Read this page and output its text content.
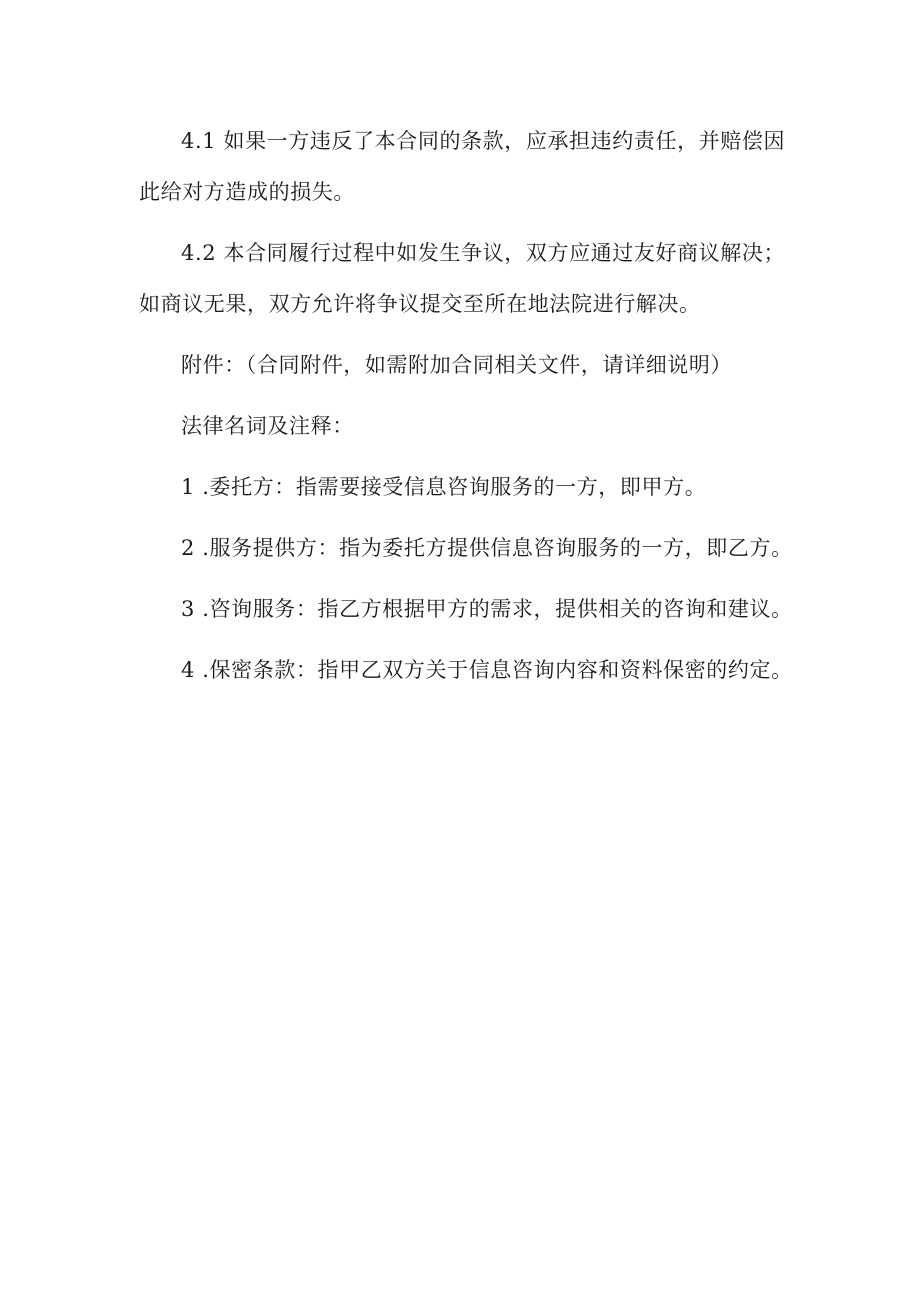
4.1 如果一方违反了本合同的条款，应承担违约责任，并赔偿因此给对方造成的损失。

4.2 本合同履行过程中如发生争议，双方应通过友好商议解决；如商议无果，双方允许将争议提交至所在地法院进行解决。

附件：（合同附件，如需附加合同相关文件，请详细说明）

法律名词及注释：

1 .委托方：指需要接受信息咨询服务的一方，即甲方。

2 .服务提供方：指为委托方提供信息咨询服务的一方，即乙方。

3 .咨询服务：指乙方根据甲方的需求，提供相关的咨询和建议。

4 .保密条款：指甲乙双方关于信息咨询内容和资料保密的约定。
